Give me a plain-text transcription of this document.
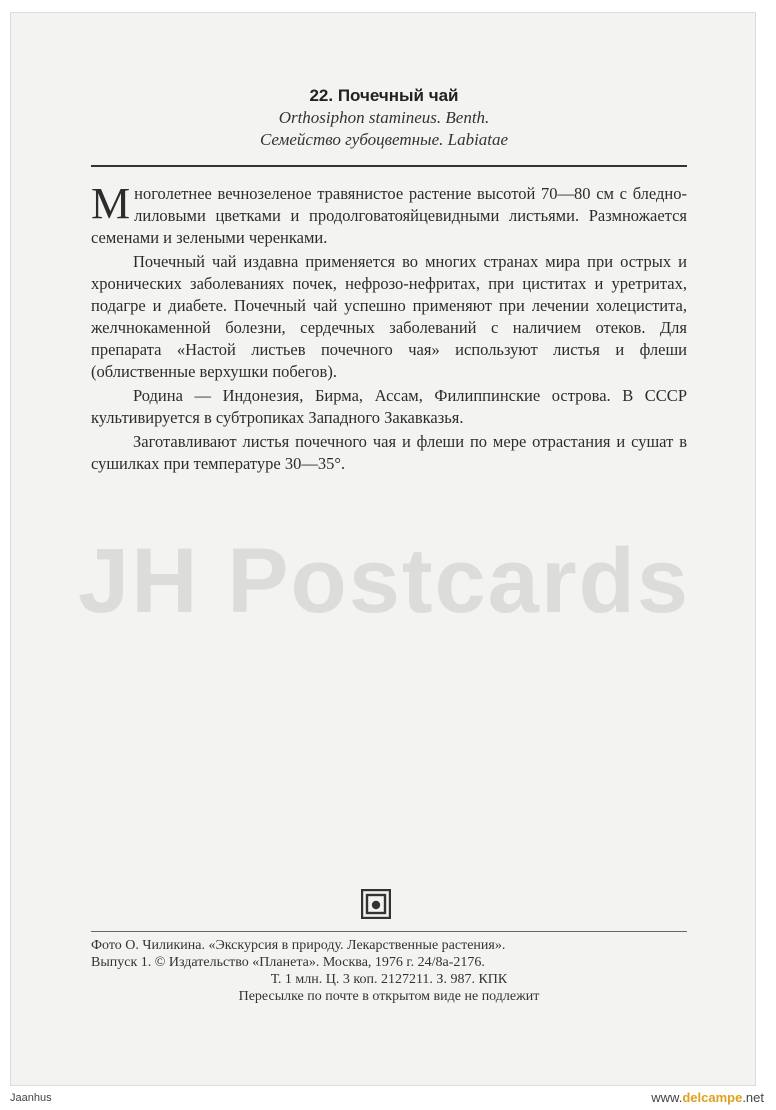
JH Postcards
22. Почечный чай
Orthosiphon stamineus. Benth.
Семейство губоцветные. Labiatae

Многолетнее вечнозеленое травянистое растение высотой 70—80 см с бледно-лиловыми цветками и продолговатояйцевидными листьями. Размножается семенами и зелеными черенками.

Почечный чай издавна применяется во многих странах мира при острых и хронических заболеваниях почек, нефрозо-нефритах, при циститах и уретритах, подагре и диабете. Почечный чай успешно применяют при лечении холецистита, желчнокаменной болезни, сердечных заболеваний с наличием отеков. Для препарата «Настой листьев почечного чая» используют листья и флеши (облиственные верхушки побегов).

Родина — Индонезия, Бирма, Ассам, Филиппинские острова. В СССР культивируется в субтропиках Западного Закавказья.

Заготавливают листья почечного чая и флеши по мере отрастания и сушат в сушилках при температуре 30—35°.

Фото О. Чиликина. «Экскурсия в природу. Лекарственные растения».
Выпуск 1. © Издательство «Планета». Москва, 1976 г. 24/8а-2176.
Т. 1 млн. Ц. 3 коп. 2127211. З. 987. КПК
Пересылке по почте в открытом виде не подлежит
Jaanhus	www.delcampe.net
